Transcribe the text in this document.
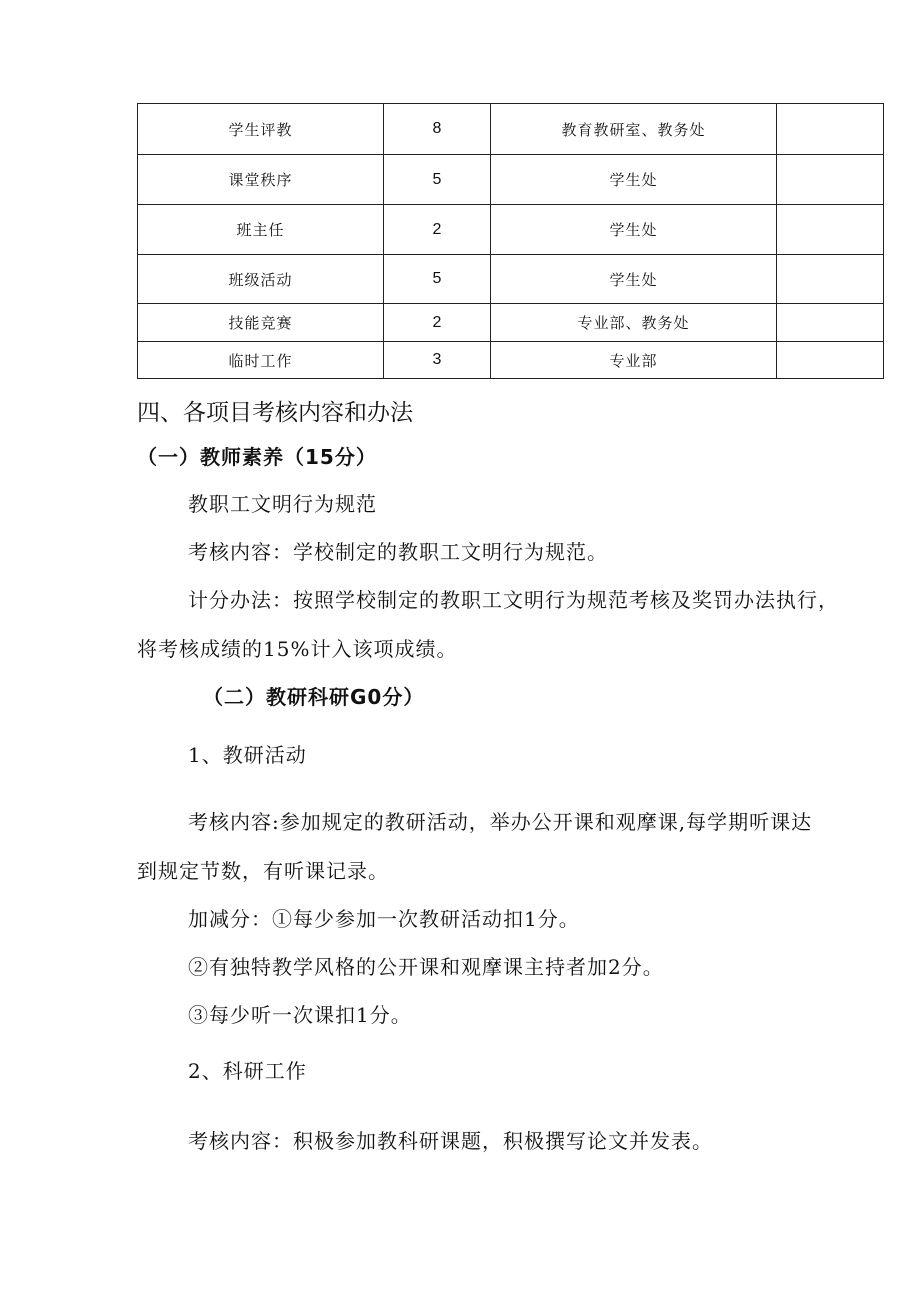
学生评教	8	教育教研室、教务处	
课堂秩序	5	学生处	
班主任	2	学生处	
班级活动	5	学生处	
技能竞赛	2	专业部、教务处	
临时工作	3	专业部	
四、各项目考核内容和办法
（一）教师素养（15分）
教职工文明行为规范
考核内容：学校制定的教职工文明行为规范。
计分办法：按照学校制定的教职工文明行为规范考核及奖罚办法执行，
将考核成绩的15%计入该项成绩。
（二）教研科研G0分）
1、教研活动
考核内容:参加规定的教研活动，举办公开课和观摩课,每学期听课达
到规定节数，有听课记录。
加减分：①每少参加一次教研活动扣1分。
②有独特教学风格的公开课和观摩课主持者加2分。
③每少听一次课扣1分。
2、科研工作
考核内容：积极参加教科研课题，积极撰写论文并发表。
